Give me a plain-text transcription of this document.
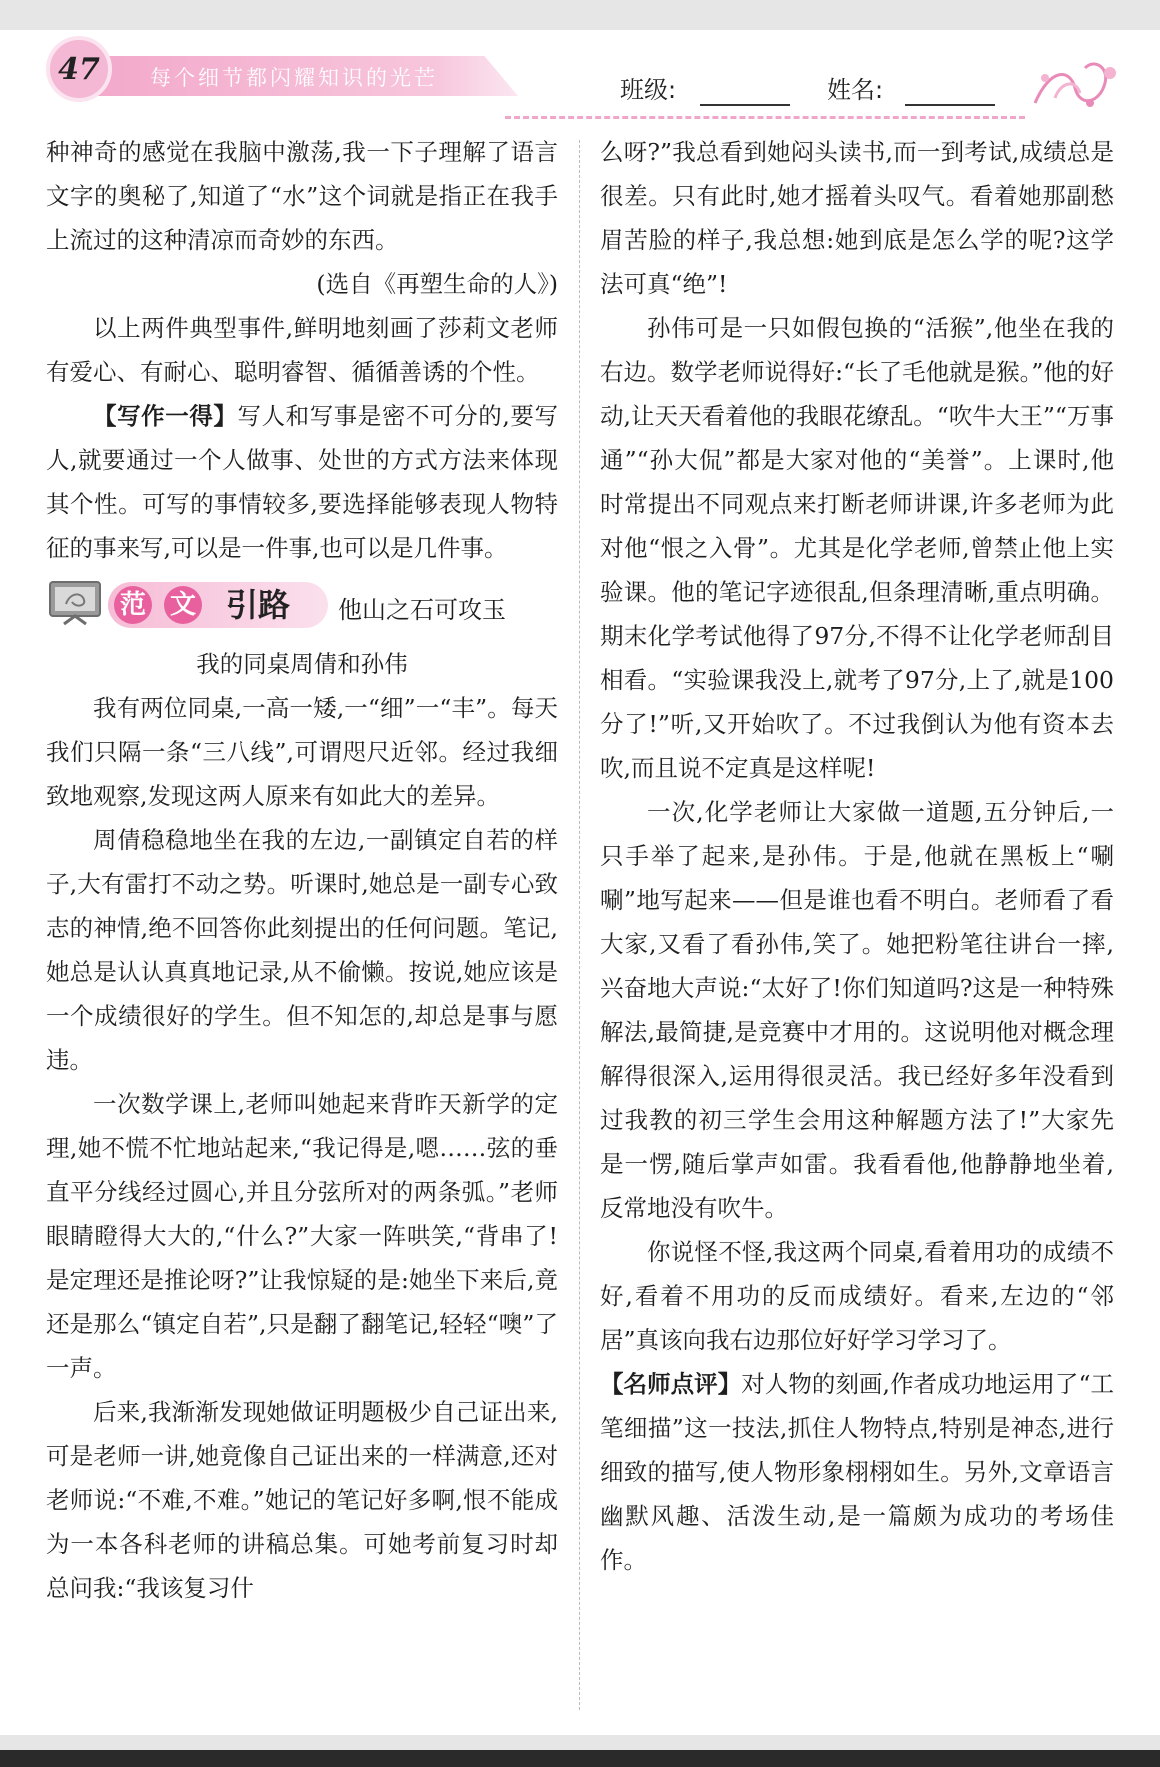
47	每个细节都闪耀知识的光芒	班级:	姓名:

种神奇的感觉在我脑中激荡,我一下子理解了语言文字的奥秘了,知道了“水”这个词就是指正在我手上流过的这种清凉而奇妙的东西。

(选自《再塑生命的人》)

以上两件典型事件,鲜明地刻画了莎莉文老师有爱心、有耐心、聪明睿智、循循善诱的个性。

【写作一得】写人和写事是密不可分的,要写人,就要通过一个人做事、处世的方式方法来体现其个性。可写的事情较多,要选择能够表现人物特征的事来写,可以是一件事,也可以是几件事。

范 文 引路 他山之石可攻玉

我的同桌周倩和孙伟

我有两位同桌,一高一矮,一“细”一“丰”。每天我们只隔一条“三八线”,可谓咫尺近邻。经过我细致地观察,发现这两人原来有如此大的差异。

周倩稳稳地坐在我的左边,一副镇定自若的样子,大有雷打不动之势。听课时,她总是一副专心致志的神情,绝不回答你此刻提出的任何问题。笔记,她总是认认真真地记录,从不偷懒。按说,她应该是一个成绩很好的学生。但不知怎的,却总是事与愿违。

一次数学课上,老师叫她起来背昨天新学的定理,她不慌不忙地站起来,“我记得是,嗯……弦的垂直平分线经过圆心,并且分弦所对的两条弧。”老师眼睛瞪得大大的,“什么?”大家一阵哄笑,“背串了!是定理还是推论呀?”让我惊疑的是:她坐下来后,竟还是那么“镇定自若”,只是翻了翻笔记,轻轻“噢”了一声。

后来,我渐渐发现她做证明题极少自己证出来,可是老师一讲,她竟像自己证出来的一样满意,还对老师说:“不难,不难。”她记的笔记好多啊,恨不能成为一本各科老师的讲稿总集。可她考前复习时却总问我:“我该复习什

么呀?”我总看到她闷头读书,而一到考试,成绩总是很差。只有此时,她才摇着头叹气。看着她那副愁眉苦脸的样子,我总想:她到底是怎么学的呢?这学法可真“绝”!

孙伟可是一只如假包换的“活猴”,他坐在我的右边。数学老师说得好:“长了毛他就是猴。”他的好动,让天天看着他的我眼花缭乱。“吹牛大王”“万事通”“孙大侃”都是大家对他的“美誉”。上课时,他时常提出不同观点来打断老师讲课,许多老师为此对他“恨之入骨”。尤其是化学老师,曾禁止他上实验课。他的笔记字迹很乱,但条理清晰,重点明确。期末化学考试他得了97分,不得不让化学老师刮目相看。“实验课我没上,就考了97分,上了,就是100分了!”听,又开始吹了。不过我倒认为他有资本去吹,而且说不定真是这样呢!

一次,化学老师让大家做一道题,五分钟后,一只手举了起来,是孙伟。于是,他就在黑板上“唰唰”地写起来——但是谁也看不明白。老师看了看大家,又看了看孙伟,笑了。她把粉笔往讲台一摔,兴奋地大声说:“太好了!你们知道吗?这是一种特殊解法,最简捷,是竞赛中才用的。这说明他对概念理解得很深入,运用得很灵活。我已经好多年没看到过我教的初三学生会用这种解题方法了!”大家先是一愣,随后掌声如雷。我看看他,他静静地坐着,反常地没有吹牛。

你说怪不怪,我这两个同桌,看着用功的成绩不好,看着不用功的反而成绩好。看来,左边的“邻居”真该向我右边那位好好学习学习了。

【名师点评】对人物的刻画,作者成功地运用了“工笔细描”这一技法,抓住人物特点,特别是神态,进行细致的描写,使人物形象栩栩如生。另外,文章语言幽默风趣、活泼生动,是一篇颇为成功的考场佳作。
